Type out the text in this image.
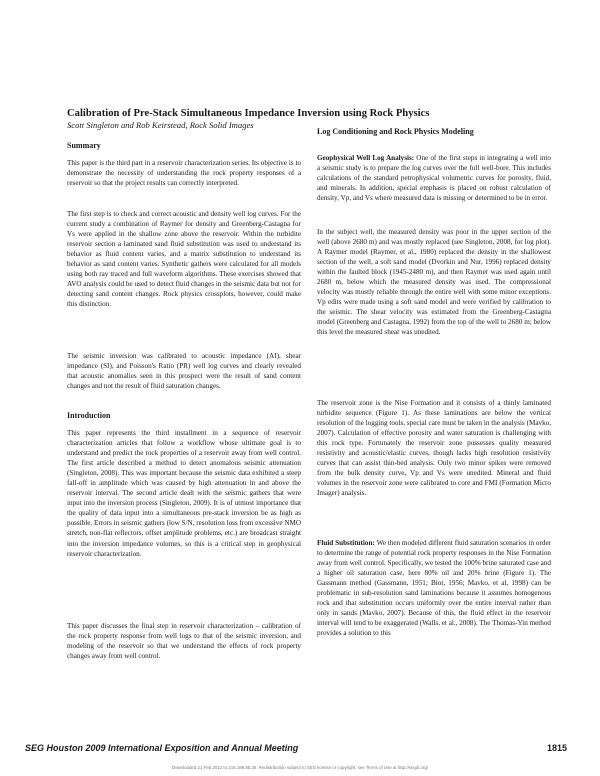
Calibration of Pre-Stack Simultaneous Impedance Inversion using Rock Physics
Scott Singleton and Rob Keirstead, Rock Solid Images
Summary

This paper is the third part in a reservoir characterization series. Its objective is to demonstrate the necessity of understanding the rock property responses of a reservoir so that the project results can correctly interpreted.

The first step is to check and correct acoustic and density well log curves. For the current study a combination of Raymer for density and Greenberg-Castagna for Vs were applied in the shallow zone above the reservoir. Within the turbidite reservoir section a laminated sand fluid substitution was used to understand its behavior as fluid content varies, and a matrix substitution to understand its behavior as sand content varies. Synthetic gathers were calculated for all models using both ray traced and full waveform algorithms. These exercises showed that AVO analysis could be used to detect fluid changes in the seismic data but not for detecting sand content changes. Rock physics crossplots, however, could make this distinction.

The seismic inversion was calibrated to acoustic impedance (AI), shear impedance (SI), and Poisson's Ratio (PR) well log curves and clearly revealed that acoustic anomalies seen in this prospect were the result of sand content changes and not the result of fluid saturation changes.

Introduction

This paper represents the third installment in a sequence of reservoir characterization articles that follow a workflow whose ultimate goal is to understand and predict the rock properties of a reservoir away from well control. The first article described a method to detect anomalous seismic attenuation (Singleton, 2008). This was important because the seismic data exhibited a steep fall-off in amplitude which was caused by high attenuation in and above the reservoir interval. The second article dealt with the seismic gathers that were input into the inversion process (Singleton, 2009). It is of utmost importance that the quality of data input into a simultaneous pre-stack inversion be as high as possible. Errors in seismic gathers (low S/N, resolution loss from excessive NMO stretch, non-flat reflectors, offset amplitude problems, etc.) are broadcast straight into the inversion impedance volumes, so this is a critical step in geophysical reservoir characterization.

This paper discusses the final step in reservoir characterization – calibration of the rock property response from well logs to that of the seismic inversion, and modeling of the reservoir so that we understand the effects of rock property changes away from well control.

Log Conditioning and Rock Physics Modeling

Geophysical Well Log Analysis: One of the first steps in integrating a well into a seismic study is to prepare the log curves over the full well-bore. This includes calculations of the standard petrophysical volumetric curves for porosity, fluid, and minerals. In addition, special emphasis is placed on robust calculation of density, Vp, and Vs where measured data is missing or determined to be in error.

In the subject well, the measured density was poor in the upper section of the well (above 2680 m) and was mostly replaced (see Singleton, 2008, for log plot). A Raymer model (Raymer, et al., 1980) replaced the density in the shallowest section of the well, a soft sand model (Dvorkin and Nur, 1996) replaced density within the faulted block (1945-2480 m), and then Raymer was used again until 2680 m, below which the measured density was used. The compressional velocity was mostly reliable through the entire well with some minor exceptions. Vp edits were made using a soft sand model and were verified by calibration to the seismic. The shear velocity was estimated from the Greenberg-Castagna model (Greenberg and Castagna, 1992) from the top of the well to 2680 m; below this level the measured shear was unedited.

The reservoir zone is the Nise Formation and it consists of a thinly laminated turbidite sequence (Figure 1). As these laminations are below the vertical resolution of the logging tools, special care must be taken in the analysis (Mavko, 2007). Calculation of effective porosity and water saturation is challenging with this rock type. Fortunately the reservoir zone possesses quality measured resistivity and acoustic/elastic curves, though lacks high resolution resistivity curves that can assist thin-bed analysis. Only two minor spikes were removed from the bulk density curve, Vp and Vs were unedited. Mineral and fluid volumes in the reservoir zone were calibrated to core and FMI (Formation Micro Imager) analysis.

Fluid Substitution: We then modeled different fluid saturation scenarios in order to determine the range of potential rock property responses in the Nise Formation away from well control. Specifically, we tested the 100% brine saturated case and a higher oil saturation case, here 80% oil and 20% brine (Figure 1). The Gassmann method (Gassmann, 1951; Biot, 1956; Mavko, et al, 1998) can be problematic in sub-resolution sand laminations because it assumes homogenous rock and that substitution occurs uniformly over the entire interval rather than only in sands (Mavko, 2007). Because of this, the fluid effect in the reservoir interval will tend to be exaggerated (Walls, et al., 2008). The Thomas-Yin method provides a solution to this

SEG Houston 2009 International Exposition and Annual Meeting	1815
Downloaded 21 Feb 2012 to 216.198.85.26. Redistribution subject to SEG license or copyright; see Terms of Use at http://segdl.org/
